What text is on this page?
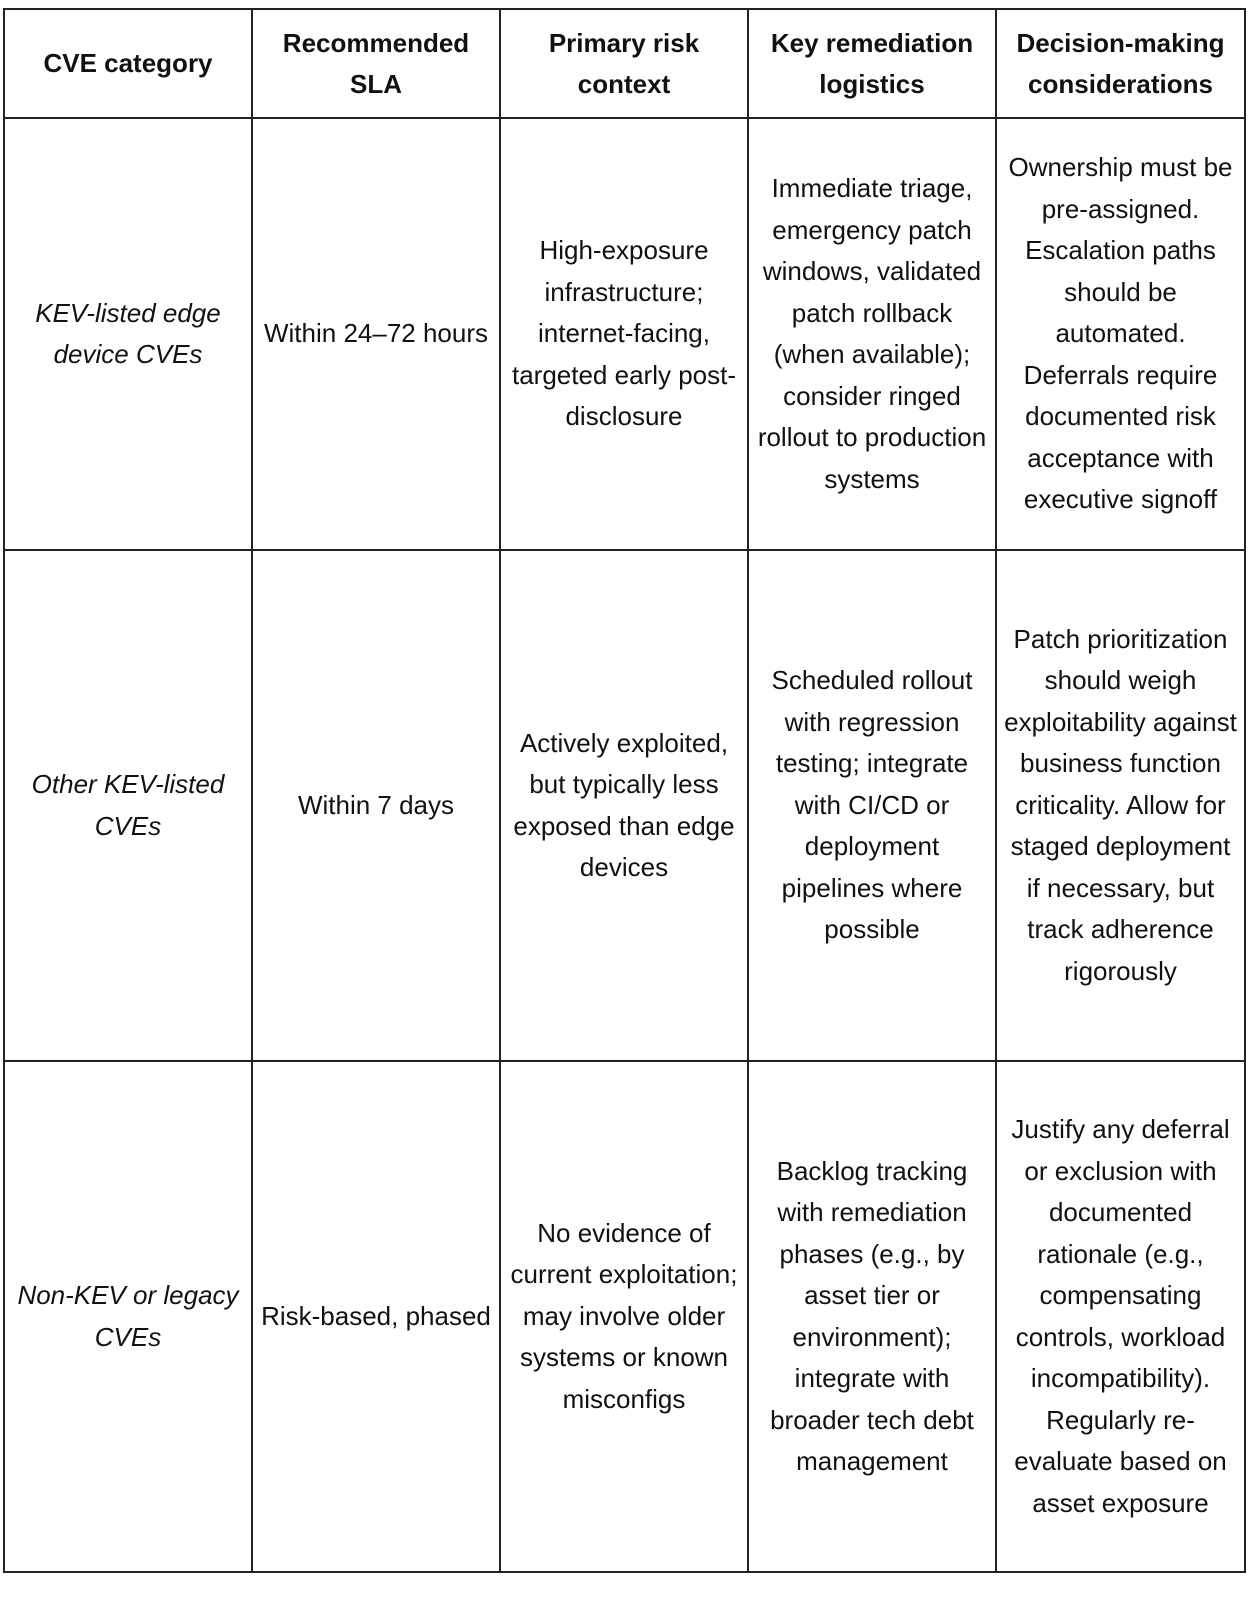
CVE category	Recommended SLA	Primary risk context	Key remediation logistics	Decision-making considerations
KEV-listed edge device CVEs	Within 24–72 hours	High-exposure infrastructure; internet-facing, targeted early post-disclosure	Immediate triage, emergency patch windows, validated patch rollback (when available); consider ringed rollout to production systems	Ownership must be pre-assigned. Escalation paths should be automated. Deferrals require documented risk acceptance with executive signoff
Other KEV-listed CVEs	Within 7 days	Actively exploited, but typically less exposed than edge devices	Scheduled rollout with regression testing; integrate with CI/CD or deployment pipelines where possible	Patch prioritization should weigh exploitability against business function criticality. Allow for staged deployment if necessary, but track adherence rigorously
Non-KEV or legacy CVEs	Risk-based, phased	No evidence of current exploitation; may involve older systems or known misconfigs	Backlog tracking with remediation phases (e.g., by asset tier or environment); integrate with broader tech debt management	Justify any deferral or exclusion with documented rationale (e.g., compensating controls, workload incompatibility). Regularly re-evaluate based on asset exposure
